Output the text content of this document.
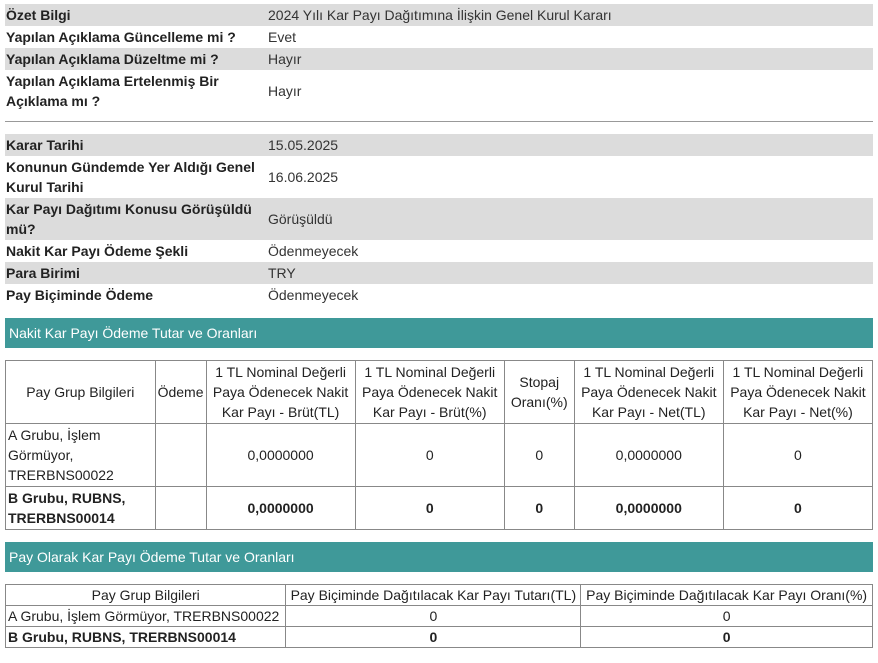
Özet Bilgi	2024 Yılı Kar Payı Dağıtımına İlişkin Genel Kurul Kararı
Yapılan Açıklama Güncelleme mi ?	Evet
Yapılan Açıklama Düzeltme mi ?	Hayır
Yapılan Açıklama Ertelenmiş Bir Açıklama mı ?	Hayır
Karar Tarihi	15.05.2025
Konunun Gündemde Yer Aldığı Genel Kurul Tarihi	16.06.2025
Kar Payı Dağıtımı Konusu Görüşüldü mü?	Görüşüldü
Nakit Kar Payı Ödeme Şekli	Ödenmeyecek
Para Birimi	TRY
Pay Biçiminde Ödeme	Ödenmeyecek
Nakit Kar Payı Ödeme Tutar ve Oranları
Pay Grup Bilgileri	Ödeme	1 TL Nominal Değerli Paya Ödenecek Nakit Kar Payı - Brüt(TL)	1 TL Nominal Değerli Paya Ödenecek Nakit Kar Payı - Brüt(%)	Stopaj Oranı(%)	1 TL Nominal Değerli Paya Ödenecek Nakit Kar Payı - Net(TL)	1 TL Nominal Değerli Paya Ödenecek Nakit Kar Payı - Net(%)
A Grubu, İşlem Görmüyor, TRERBNS00022		0,0000000	0	0	0,0000000	0
B Grubu, RUBNS, TRERBNS00014		0,0000000	0	0	0,0000000	0
Pay Olarak Kar Payı Ödeme Tutar ve Oranları
Pay Grup Bilgileri	Pay Biçiminde Dağıtılacak Kar Payı Tutarı(TL)	Pay Biçiminde Dağıtılacak Kar Payı Oranı(%)
A Grubu, İşlem Görmüyor, TRERBNS00022	0	0
B Grubu, RUBNS, TRERBNS00014	0	0
